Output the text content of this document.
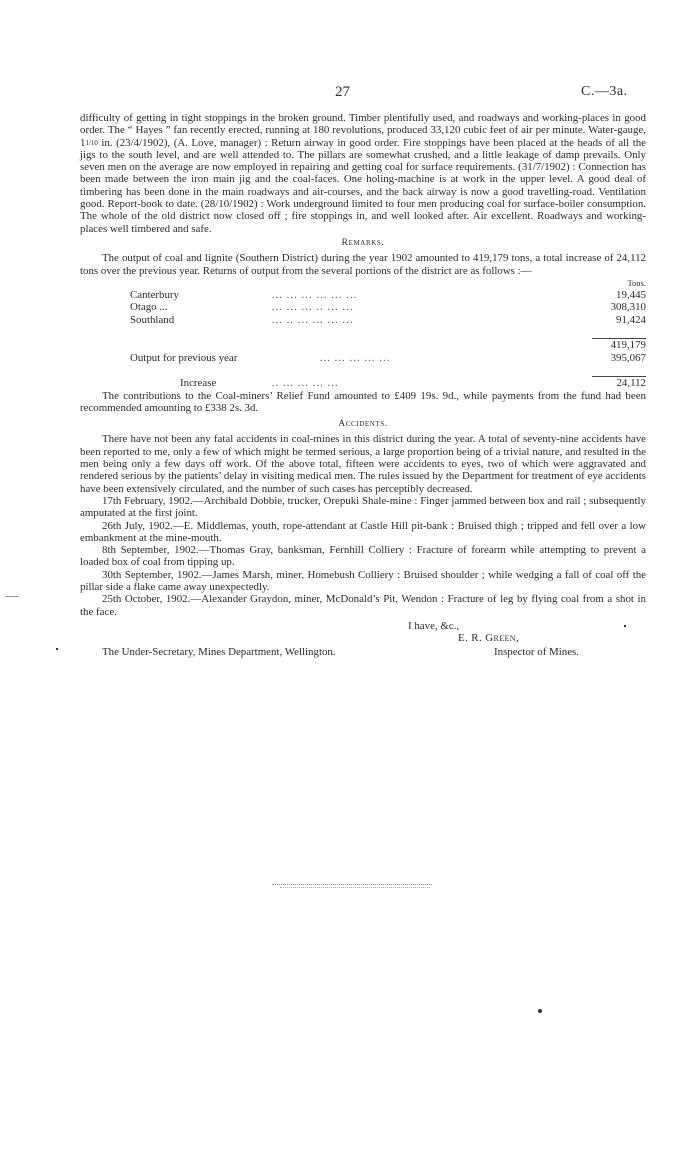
27	C.—3a.

difficulty of getting in tight stoppings in the broken ground. Timber plentifully used, and roadways and working-places in good order. The “ Hayes ” fan recently erected, running at 180 revolutions, produced 33,120 cubic feet of air per minute. Water-gauge, 11/10 in. (23/4/1902), (A. Love, manager) : Return airway in good order. Fire stoppings have been placed at the heads of all the jigs to the south level, and are well attended to. The pillars are somewhat crushed, and a little leakage of damp prevails. Only seven men on the average are now employed in repairing and getting coal for surface requirements. (31/7/1902) : Connection has been made between the iron main jig and the coal-faces. One holing-machine is at work in the upper level. A good deal of timbering has been done in the main roadways and air-courses, and the back airway is now a good travelling-road. Ventilation good. Report-book to date. (28/10/1902) : Work underground limited to four men producing coal for surface-boiler consumption. The whole of the old district now closed off ; fire stoppings in, and well looked after. Air excellent. Roadways and working-places well timbered and safe.

Remarks.

The output of coal and lignite (Southern District) during the year 1902 amounted to 419,179 tons, a total increase of 24,112 tons over the previous year. Returns of output from the several portions of the district are as follows :—

		Tons.
Canterbury	... ... ... ... ... ...	19,445
Otago ...	... ... ... .. ... ...	308,310
Southland	... .. ... ... ... ...	91,424

		419,179
Output for previous year	... ... ... ... ...	395,067

Increase	.. ... ... ... ...	24,112

The contributions to the Coal-miners’ Relief Fund amounted to £409 19s. 9d., while payments from the fund had been recommended amounting to £338 2s. 3d.

Accidents.

There have not been any fatal accidents in coal-mines in this district during the year. A total of seventy-nine accidents have been reported to me, only a few of which might be termed serious, a large proportion being of a trivial nature, and resulted in the men being only a few days off work. Of the above total, fifteen were accidents to eyes, two of which were aggravated and rendered serious by the patients’ delay in visiting medical men. The rules issued by the Department for treatment of eye accidents have been extensively circulated, and the number of such cases has perceptibly decreased.

17th February, 1902.—Archibald Dobbie, trucker, Orepuki Shale-mine : Finger jammed between box and rail ; subsequently amputated at the first joint.

26th July, 1902.—E. Middlemas, youth, rope-attendant at Castle Hill pit-bank : Bruised thigh ; tripped and fell over a low embankment at the mine-mouth.

8th September, 1902.—Thomas Gray, banksman, Fernhill Colliery : Fracture of forearm while attempting to prevent a loaded box of coal from tipping up.

30th September, 1902.—James Marsh, miner, Homebush Colliery : Bruised shoulder ; while wedging a fall of coal off the pillar side a flake came away unexpectedly.

25th October, 1902.—Alexander Graydon, miner, McDonald’s Pit, Wendon : Fracture of leg by flying coal from a shot in the face.

I have, &c.,
E. R. Green,
The Under-Secretary, Mines Department, Wellington.	Inspector of Mines.
